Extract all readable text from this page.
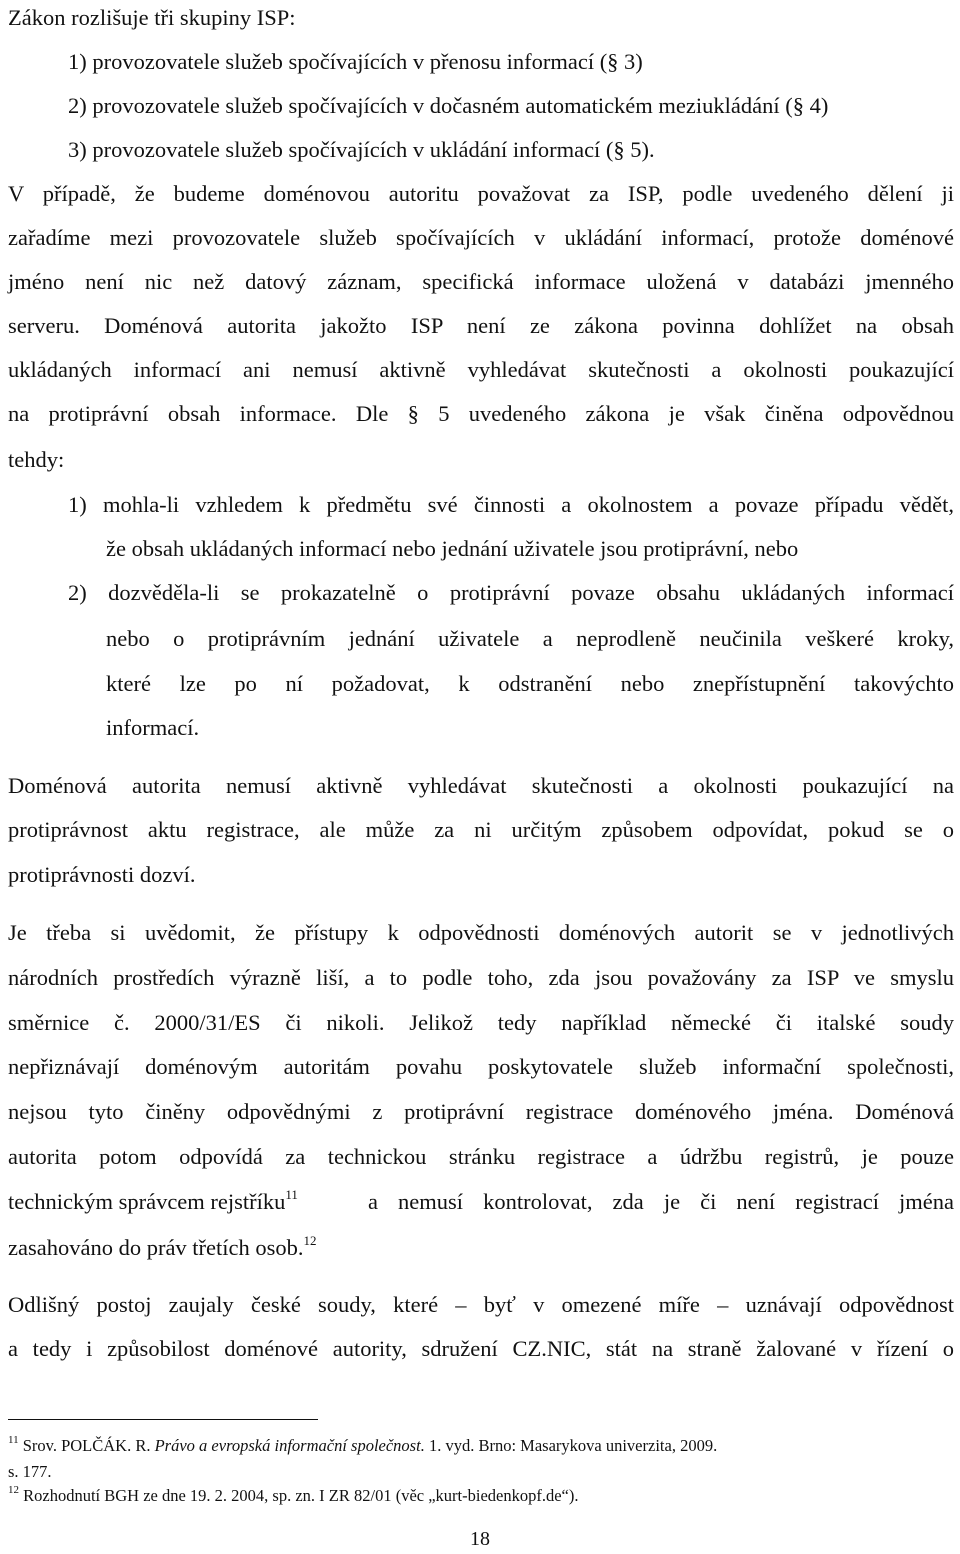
Zákon rozlišuje tři skupiny ISP:
1) provozovatele služeb spočívajících v přenosu informací (§ 3)
2) provozovatele služeb spočívajících v dočasném automatickém meziukládání (§ 4)
3) provozovatele služeb spočívajících v ukládání informací (§ 5).
V případě, že budeme doménovou autoritu považovat za ISP, podle uvedeného dělení ji
zařadíme mezi provozovatele služeb spočívajících v ukládání informací, protože doménové
jméno není nic než datový záznam, specifická informace uložená v databázi jmenného
serveru. Doménová autorita jakožto ISP není ze zákona povinna dohlížet na obsah
ukládaných informací ani nemusí aktivně vyhledávat skutečnosti a okolnosti poukazující
na protiprávní obsah informace. Dle § 5 uvedeného zákona je však činěna odpovědnou
tehdy:
1) mohla-li vzhledem k předmětu své činnosti a okolnostem a povaze případu vědět,
že obsah ukládaných informací nebo jednání uživatele jsou protiprávní, nebo
2) dozvěděla-li se prokazatelně o protiprávní povaze obsahu ukládaných informací
nebo o protiprávním jednání uživatele a neprodleně neučinila veškeré kroky,
které lze po ní požadovat, k odstranění nebo znepřístupnění takovýchto
informací.
Doménová autorita nemusí aktivně vyhledávat skutečnosti a okolnosti poukazující na
protiprávnost aktu registrace, ale může za ni určitým způsobem odpovídat, pokud se o
protiprávnosti dozví.
Je třeba si uvědomit, že přístupy k odpovědnosti doménových autorit se v jednotlivých
národních prostředích výrazně liší, a to podle toho, zda jsou považovány za ISP ve smyslu
směrnice č. 2000/31/ES či nikoli. Jelikož tedy například německé či italské soudy
nepřiznávají doménovým autoritám povahu poskytovatele služeb informační společnosti,
nejsou tyto činěny odpovědnými z protiprávní registrace doménového jména. Doménová
autorita potom odpovídá za technickou stránku registrace a údržbu registrů, je pouze
technickým správcem rejstříku$^{11}$	a nemusí kontrolovat, zda je či není registrací jména
zasahováno do práv třetích osob.$^{12}$
Odlišný postoj zaujaly české soudy, které – byť v omezené míře – uznávají odpovědnost
a tedy i způsobilost doménové autority, sdružení CZ.NIC, stát na straně žalované v řízení o
$^{11}$ Srov. POLČÁK. R. Právo a evropská informační společnost. 1. vyd. Brno: Masarykova univerzita, 2009.
s. 177.
$^{12}$ Rozhodnutí BGH ze dne 19. 2. 2004, sp. zn. I ZR 82/01 (věc „kurt-biedenkopf.de“).
18
